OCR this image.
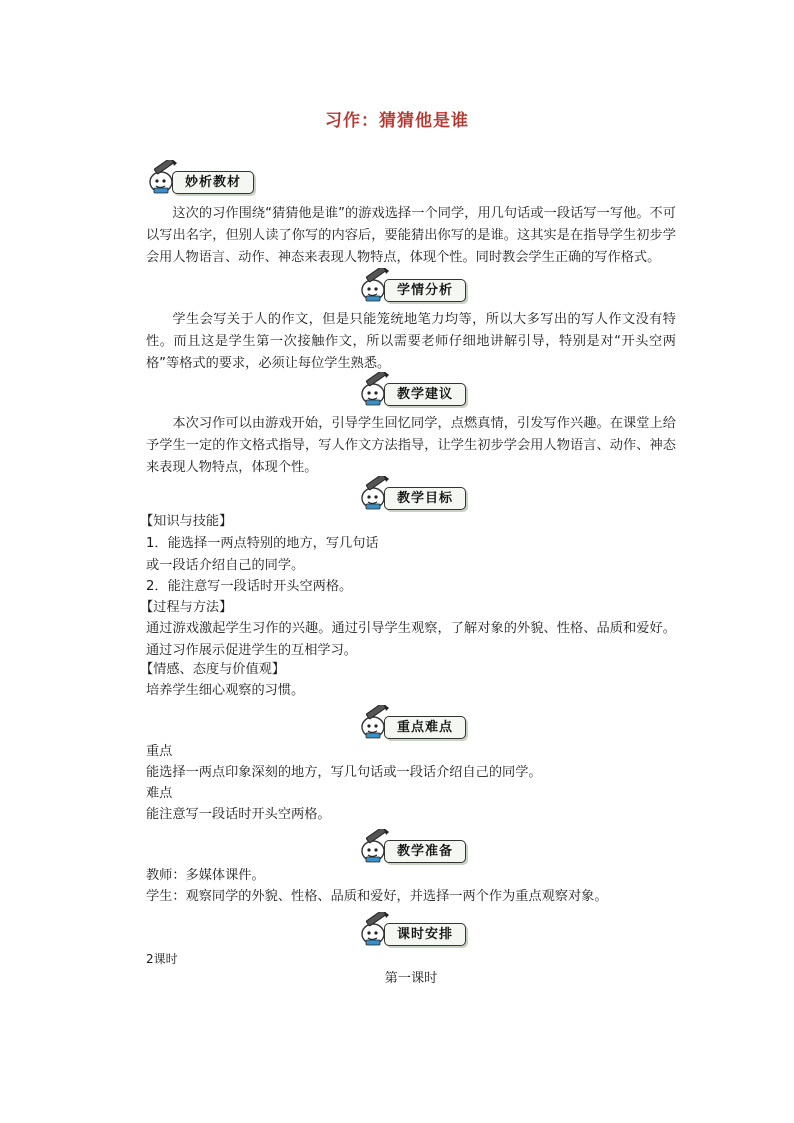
习作：猜猜他是谁
妙析教材
这次的习作围绕“猜猜他是谁”的游戏选择一个同学，用几句话或一段话写一写他。不可以写出名字，但别人读了你写的内容后，要能猜出你写的是谁。这其实是在指导学生初步学会用人物语言、动作、神态来表现人物特点，体现个性。同时教会学生正确的写作格式。
学情分析
学生会写关于人的作文，但是只能笼统地笔力均等，所以大多写出的写人作文没有特性。而且这是学生第一次接触作文，所以需要老师仔细地讲解引导，特别是对“开头空两格”等格式的要求，必须让每位学生熟悉。
教学建议
本次习作可以由游戏开始，引导学生回忆同学，点燃真情，引发写作兴趣。在课堂上给予学生一定的作文格式指导，写人作文方法指导，让学生初步学会用人物语言、动作、神态来表现人物特点，体现个性。
教学目标
【知识与技能】
1．能选择一两点特别的地方，写几句话
或一段话介绍自己的同学。
2．能注意写一段话时开头空两格。
【过程与方法】
通过游戏激起学生习作的兴趣。通过引导学生观察，了解对象的外貌、性格、品质和爱好。通过习作展示促进学生的互相学习。
【情感、态度与价值观】
培养学生细心观察的习惯。
重点难点
重点
能选择一两点印象深刻的地方，写几句话或一段话介绍自己的同学。
难点
能注意写一段话时开头空两格。
教学准备
教师：多媒体课件。
学生：观察同学的外貌、性格、品质和爱好，并选择一两个作为重点观察对象。
课时安排
2课时
第一课时
